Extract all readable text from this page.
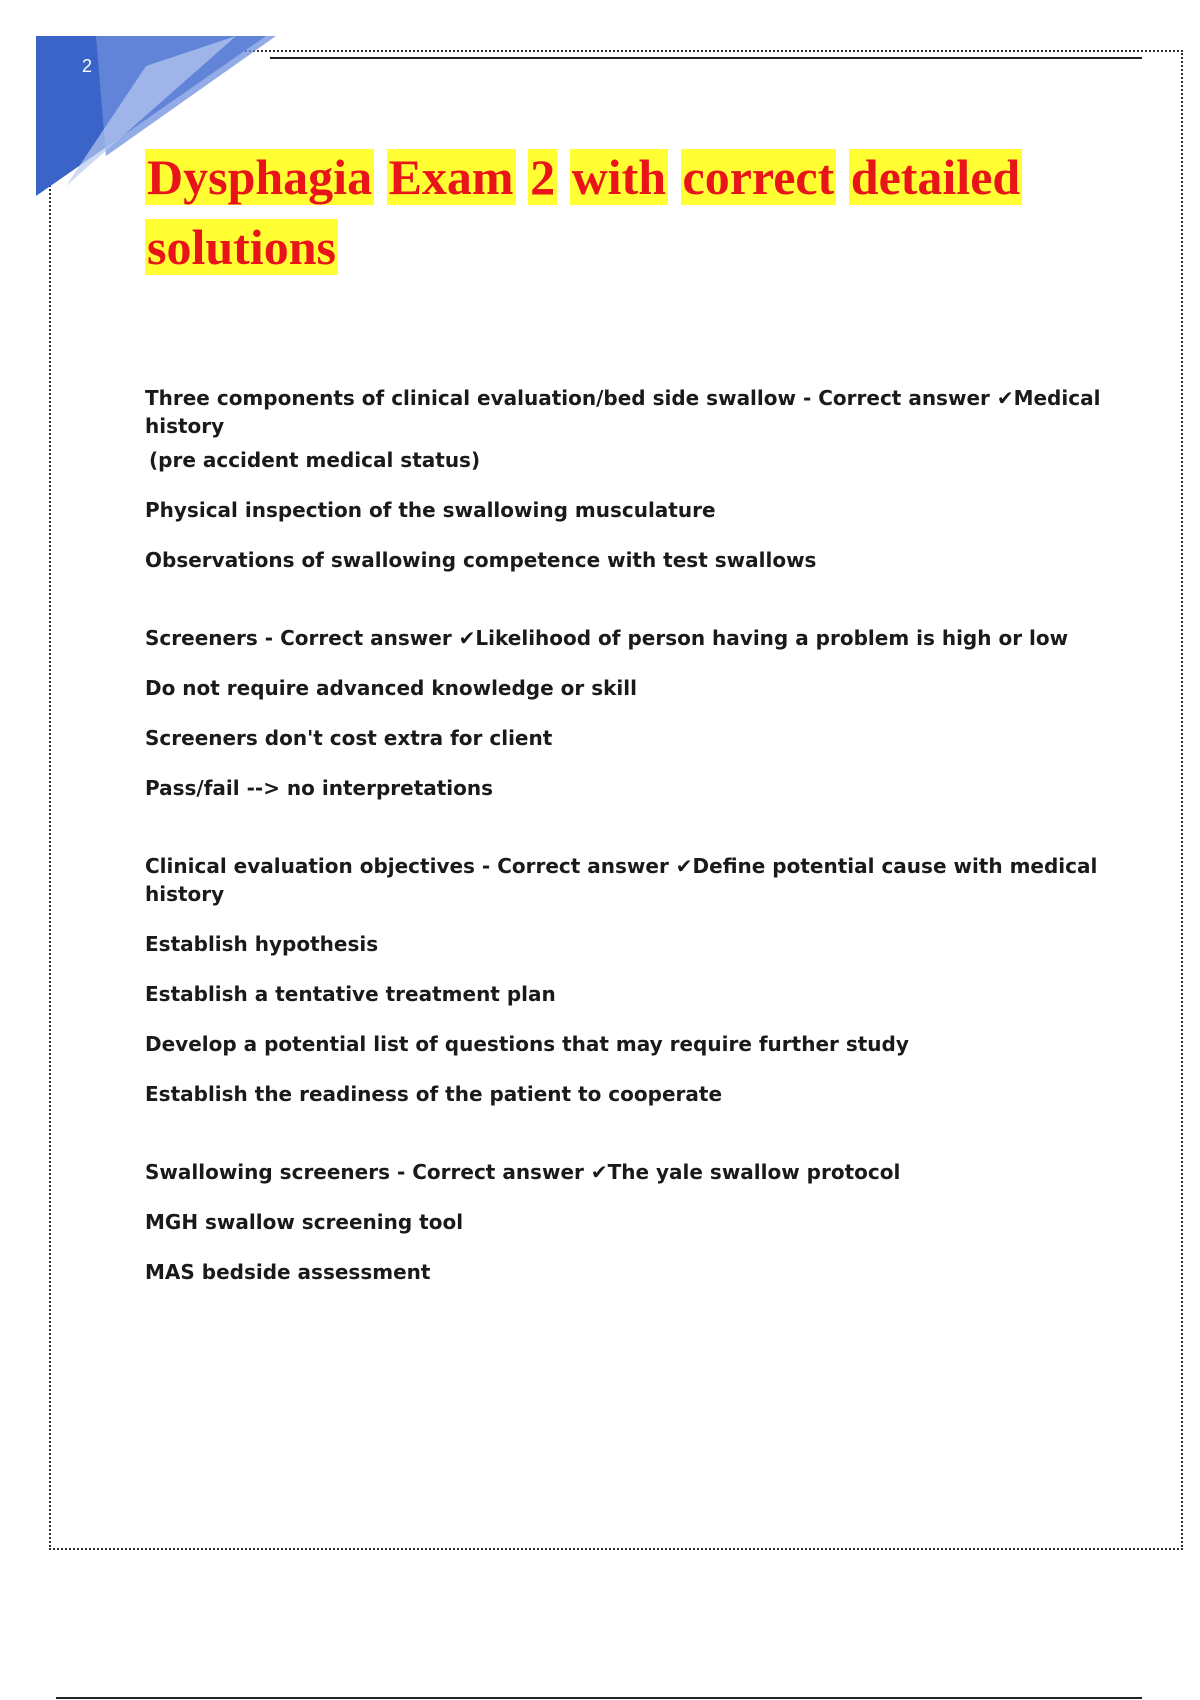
2
Dysphagia Exam 2 with correct detailed
solutions
Three components of clinical evaluation/bed side swallow - Correct answer ✔Medical history
(pre accident medical status)
Physical inspection of the swallowing musculature
Observations of swallowing competence with test swallows
Screeners - Correct answer ✔Likelihood of person having a problem is high or low
Do not require advanced knowledge or skill
Screeners don't cost extra for client
Pass/fail --> no interpretations
Clinical evaluation objectives - Correct answer ✔Define potential cause with medical history
Establish hypothesis
Establish a tentative treatment plan
Develop a potential list of questions that may require further study
Establish the readiness of the patient to cooperate
Swallowing screeners - Correct answer ✔The yale swallow protocol
MGH swallow screening tool
MAS bedside assessment
